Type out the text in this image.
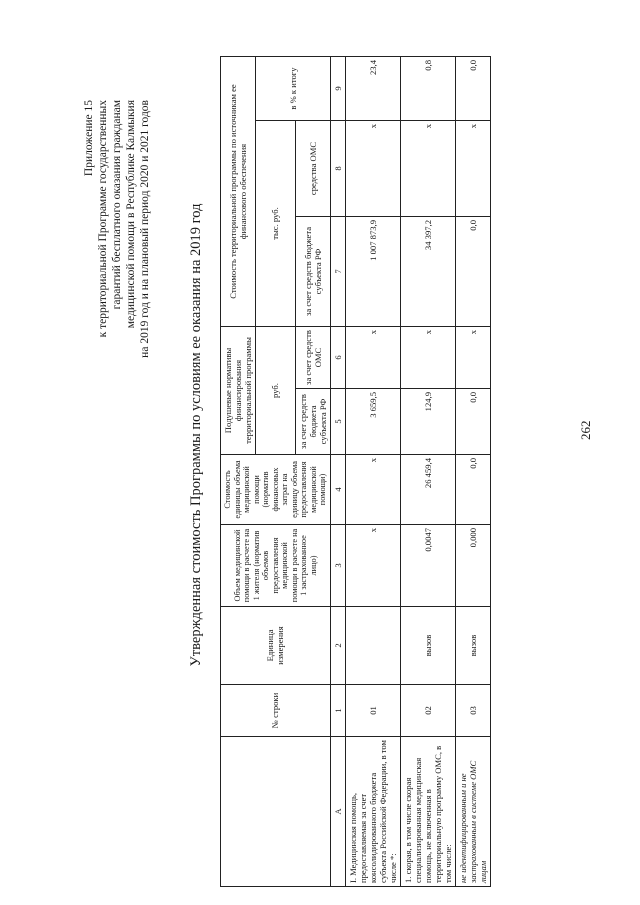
Приложение 15 к территориальной Программе государственных гарантий бесплатного оказания гражданам медицинской помощи в Республике Калмыкия на 2019 год и на плановый период 2020 и 2021 годов	Утвержденная стоимость Программы по условиям ее оказания на 2019 год
	№ строки	Единица измерения	Объем медицинской помощи в расчете на 1 жителя (норматив объемов предоставления медицинской помощи в расчете на 1 застрахованное лицо)	Стоимость единицы объема медицинской помощи (норматив финансовых затрат на единицу объема предоставления медицинской помощи)	Подушевые нормативы финансирования территориальной программы		Стоимость территориальной программы по источникам ее финансового обеспечения		
					руб.		тыс. руб.		в % к итогу
					за счет средств бюджета субъекта РФ	за счет средств ОМС	за счет средств бюджета субъекта РФ	средства ОМС	
А	1	2	3	4	5	6	7	8	9
I. Медицинская помощь, предоставляемая за счет консолидированного бюджета субъекта Российской Федерации, в том числе *:	01		х	х	3 659,5	х	1 007 873,9	х	23,4
1. скорая, в том числе скорая специализированная медицинская помощь, не включенная в территориальную программу ОМС, в том числе:	02	вызов	0,0047	26 459,4	124,9	х	34 397,2	х	0,8
не идентифицированным и не застрахованным в системе ОМС лицам	03	вызов	0,000	0,0	0,0	х	0,0	х	0,0
262
